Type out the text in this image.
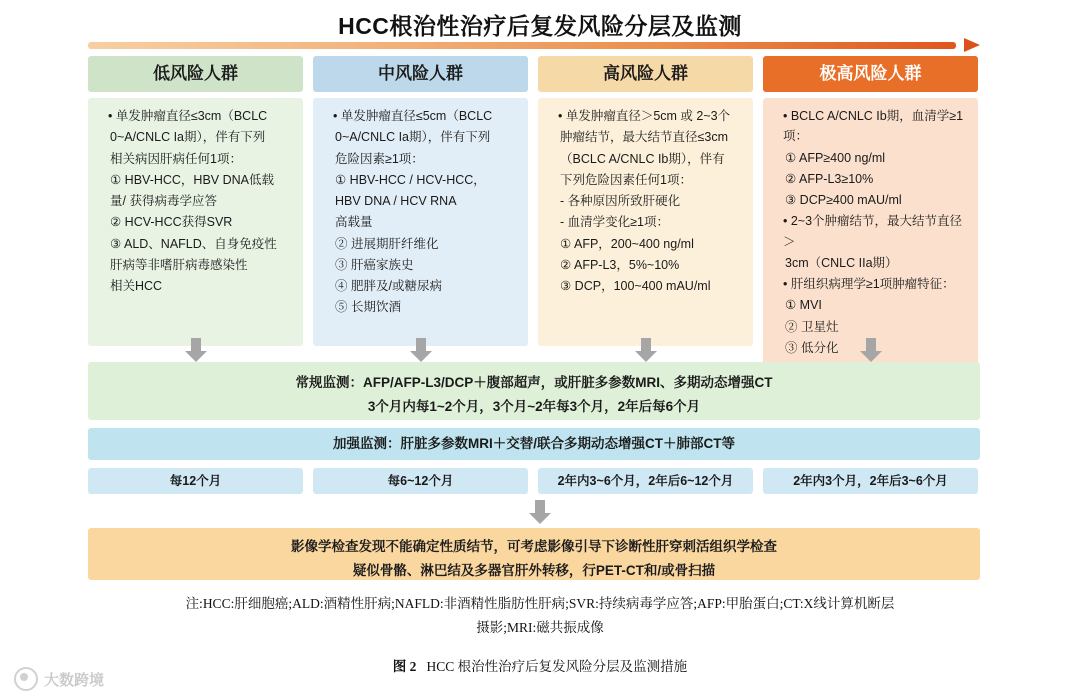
HCC根治性治疗后复发风险分层及监测
低风险人群

• 单发肿瘤直径≤3cm（BCLC

0~A/CNLC Ia期），伴有下列

相关病因肝病任何1项：

① HBV-HCC，HBV DNA低载

量/ 获得病毒学应答

② HCV-HCC获得SVR

③ ALD、NAFLD、自身免疫性

肝病等非嗜肝病毒感染性

相关HCC

中风险人群

• 单发肿瘤直径≤5cm（BCLC

0~A/CNLC Ia期），伴有下列

危险因素≥1项：

① HBV-HCC / HCV-HCC，

HBV DNA / HCV RNA

高载量

② 进展期肝纤维化

③ 肝癌家族史

④ 肥胖及/或糖尿病

⑤ 长期饮酒

高风险人群

• 单发肿瘤直径＞5cm 或 2~3个

肿瘤结节，最大结节直径≤3cm

（BCLC A/CNLC Ib期），伴有

下列危险因素任何1项：

- 各种原因所致肝硬化

- 血清学变化≥1项：

① AFP，200~400 ng/ml

② AFP-L3，5%~10%

③ DCP，100~400 mAU/ml

极高风险人群

• BCLC A/CNLC Ib期，血清学≥1项：

① AFP≥400 ng/ml

② AFP-L3≥10%

③ DCP≥400 mAU/ml

• 2~3个肿瘤结节，最大结节直径＞

3cm（CNLC IIa期）

• 肝组织病理学≥1项肿瘤特征：

① MVI

② 卫星灶

③ 低分化

常规监测：AFP/AFP-L3/DCP＋腹部超声，或肝脏多参数MRI、多期动态增强CT
3个月内每1~2个月，3个月~2年每3个月，2年后每6个月
加强监测：肝脏多参数MRI＋交替/联合多期动态增强CT＋肺部CT等
每12个月	每6~12个月	2年内3~6个月，2年后6~12个月	2年内3个月，2年后3~6个月
影像学检查发现不能确定性质结节，可考虑影像引导下诊断性肝穿刺活组织学检查
疑似骨骼、淋巴结及多器官肝外转移，行PET-CT和/或骨扫描
注:HCC:肝细胞癌;ALD:酒精性肝病;NAFLD:非酒精性脂肪性肝病;SVR:持续病毒学应答;AFP:甲胎蛋白;CT:X线计算机断层
摄影;MRI:磁共振成像
图 2 HCC 根治性治疗后复发风险分层及监测措施
大数跨境
